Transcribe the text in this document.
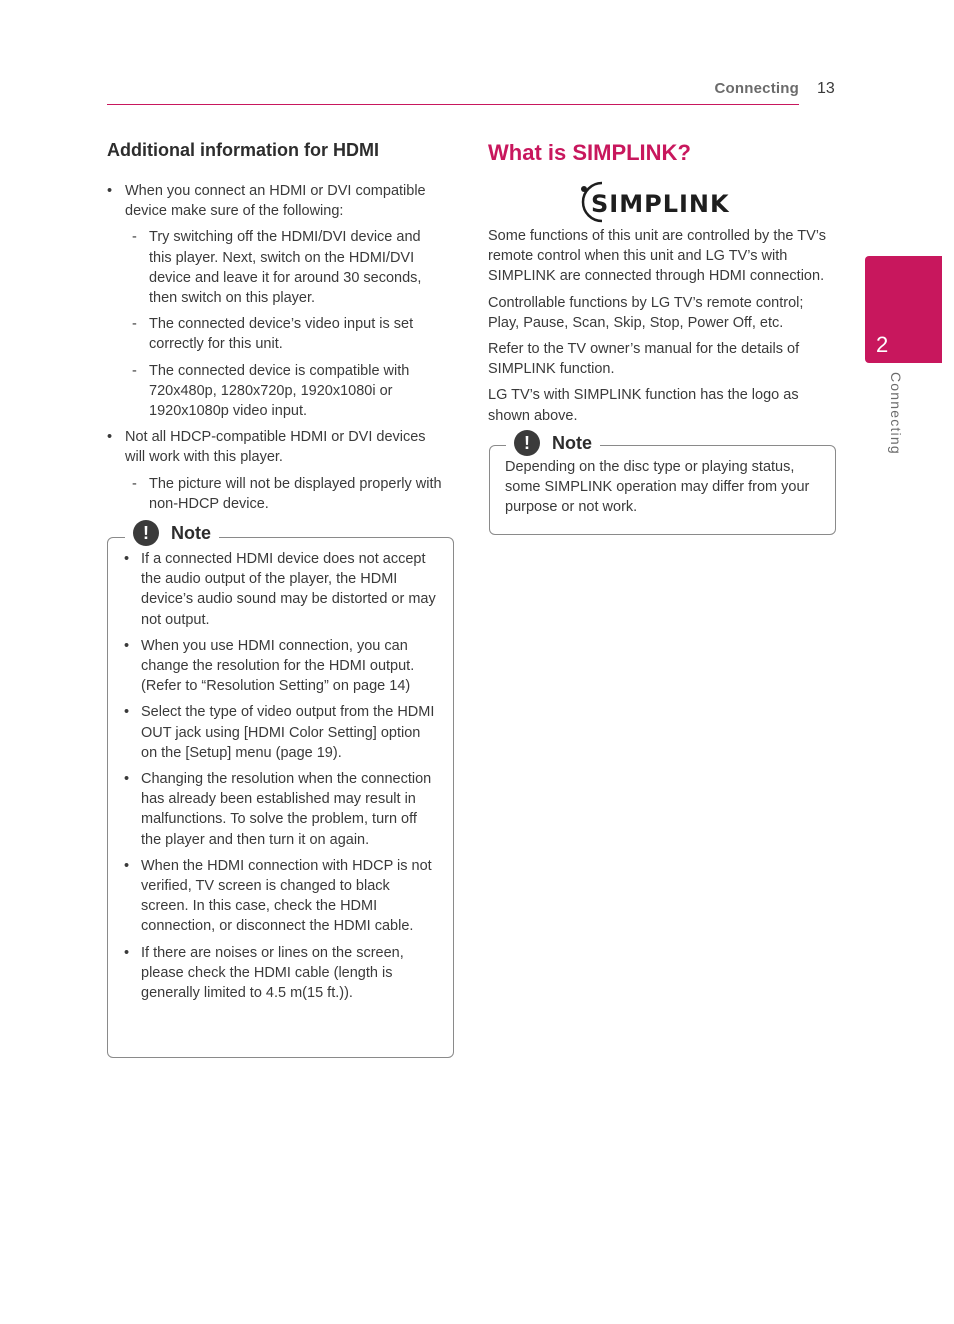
Connecting 13
2
Connecting
Additional information for HDMI
• When you connect an HDMI or DVI compatible device make sure of the following:
- Try switching off the HDMI/DVI device and this player. Next, switch on the HDMI/DVI device and leave it for around 30 seconds, then switch on this player.
- The connected device’s video input is set correctly for this unit.
- The connected device is compatible with 720x480p, 1280x720p, 1920x1080i or 1920x1080p video input.
• Not all HDCP-compatible HDMI or DVI devices will work with this player.
- The picture will not be displayed properly with non-HDCP device.
!	Note
• If a connected HDMI device does not accept the audio output of the player, the HDMI device’s audio sound may be distorted or may not output.
• When you use HDMI connection, you can change the resolution for the HDMI output. (Refer to “Resolution Setting” on page 14)
• Select the type of video output from the HDMI OUT jack using [HDMI Color Setting] option on the [Setup] menu (page 19).
• Changing the resolution when the connection has already been established may result in malfunctions. To solve the problem, turn off the player and then turn it on again.
• When the HDMI connection with HDCP is not verified, TV screen is changed to black screen. In this case, check the HDMI connection, or disconnect the HDMI cable.
• If there are noises or lines on the screen, please check the HDMI cable (length is generally limited to 4.5 m(15 ft.)).
What is SIMPLINK?
SIMPLINK

Some functions of this unit are controlled by the TV’s remote control when this unit and LG TV’s with SIMPLINK are connected through HDMI connection.

Controllable functions by LG TV’s remote control; Play, Pause, Scan, Skip, Stop, Power Off, etc.

Refer to the TV owner’s manual for the details of SIMPLINK function.

LG TV’s with SIMPLINK function has the logo as shown above.

!	Note
Depending on the disc type or playing status, some SIMPLINK operation may differ from your purpose or not work.
